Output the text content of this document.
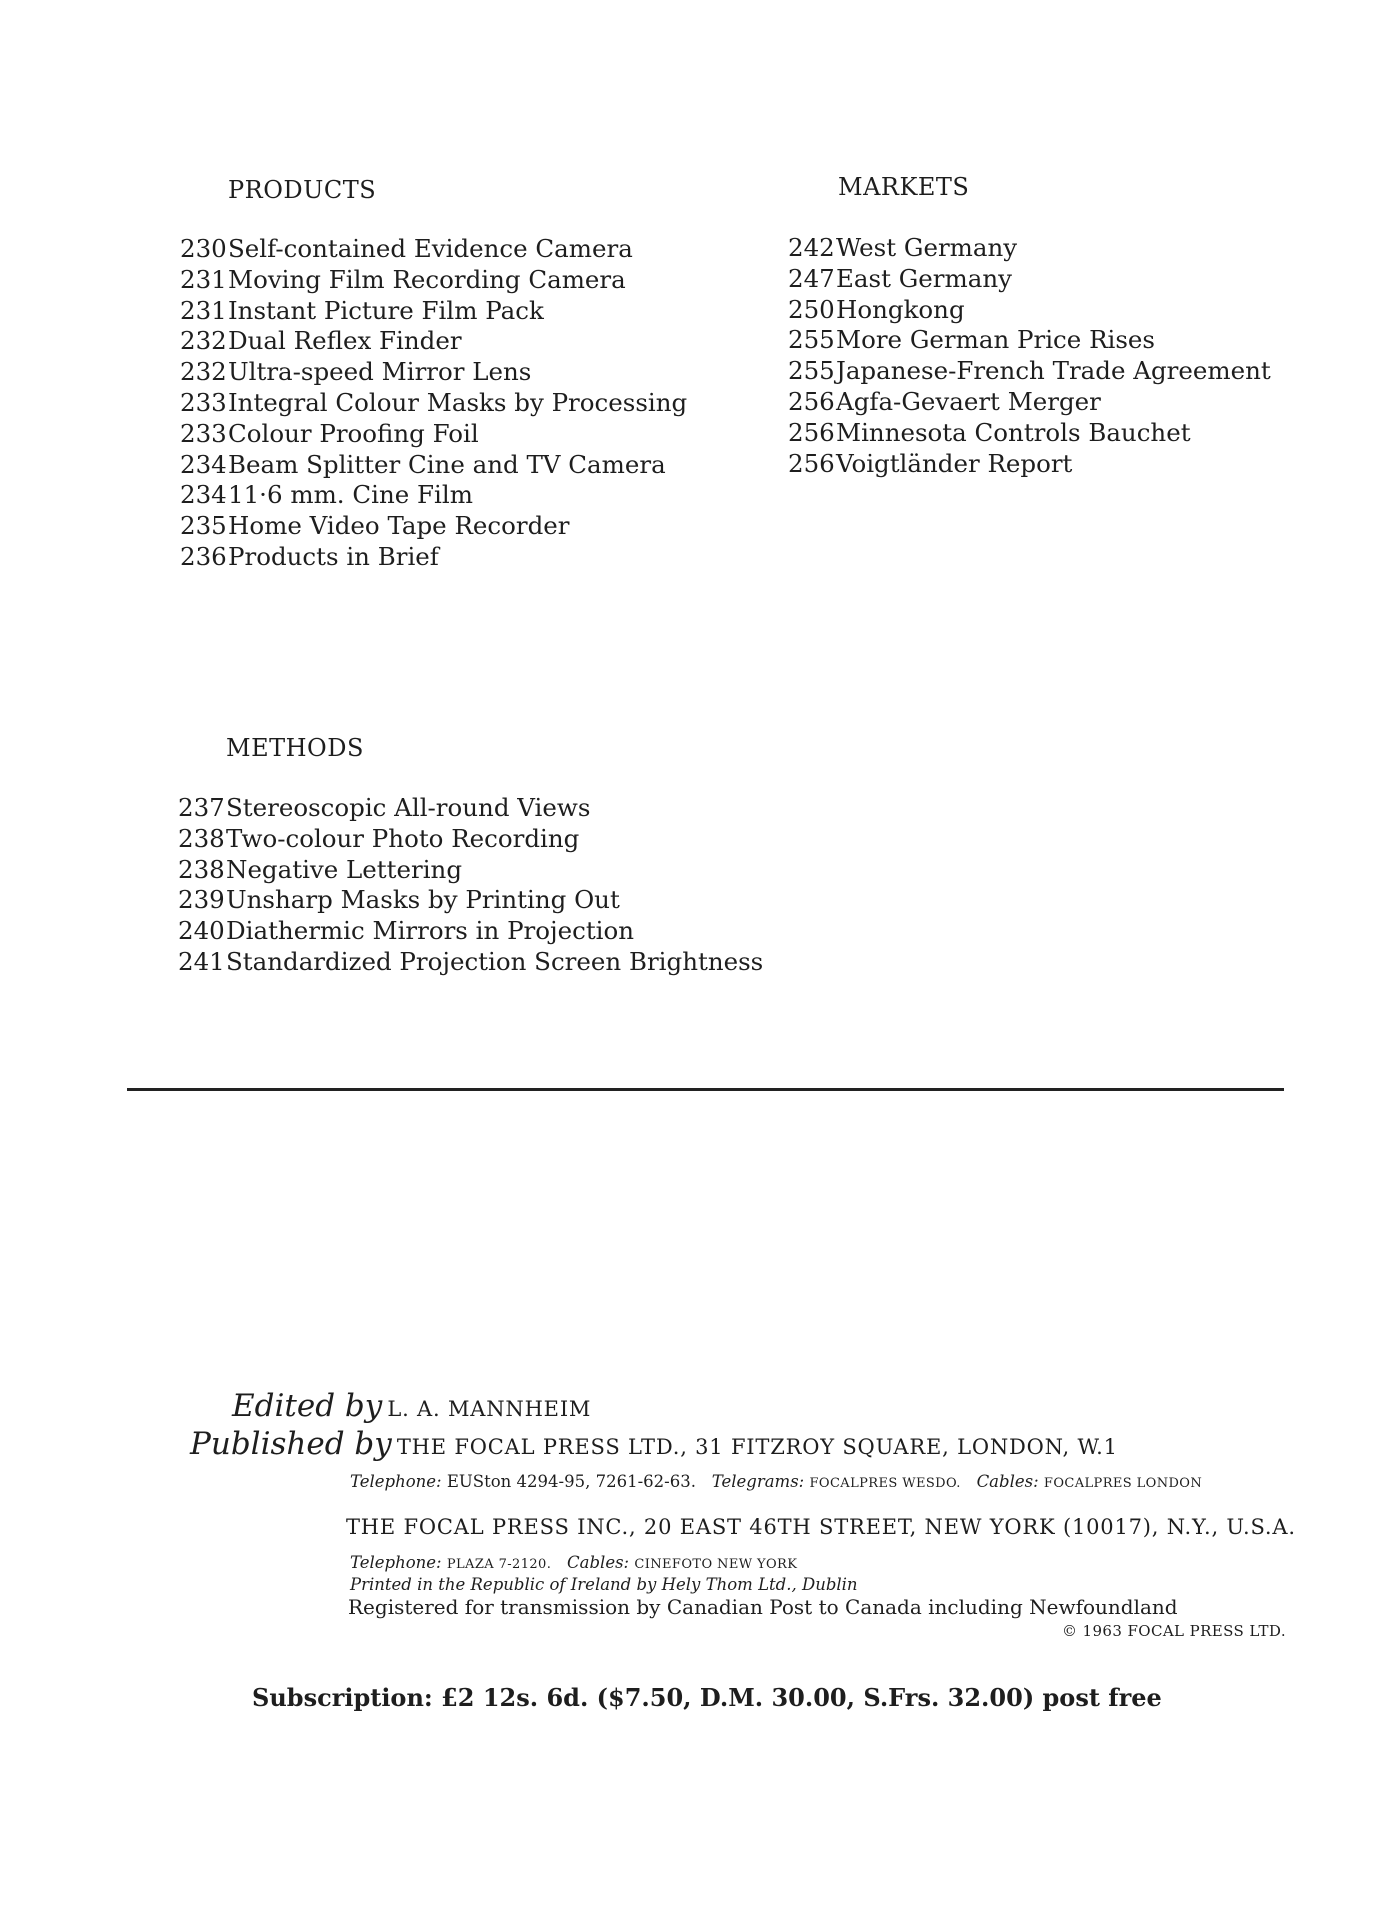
PRODUCTS
230Self-contained Evidence Camera
231Moving Film Recording Camera
231Instant Picture Film Pack
232Dual Reflex Finder
232Ultra-speed Mirror Lens
233Integral Colour Masks by Processing
233Colour Proofing Foil
234Beam Splitter Cine and TV Camera
23411·6 mm. Cine Film
235Home Video Tape Recorder
236Products in Brief
MARKETS
242West Germany
247East Germany
250Hongkong
255More German Price Rises
255Japanese-French Trade Agreement
256Agfa-Gevaert Merger
256Minnesota Controls Bauchet
256Voigtländer Report
METHODS
237Stereoscopic All-round Views
238Two-colour Photo Recording
238Negative Lettering
239Unsharp Masks by Printing Out
240Diathermic Mirrors in Projection
241Standardized Projection Screen Brightness
Edited by L. A. MANNHEIM
Published by THE FOCAL PRESS LTD., 31 FITZROY SQUARE, LONDON, W.1
Telephone: EUSton 4294-95, 7261-62-63. Telegrams: FOCALPRES WESDO. Cables: FOCALPRES LONDON
THE FOCAL PRESS INC., 20 EAST 46TH STREET, NEW YORK (10017), N.Y., U.S.A.
Telephone: PLAZA 7-2120. Cables: CINEFOTO NEW YORK
Printed in the Republic of Ireland by Hely Thom Ltd., Dublin
Registered for transmission by Canadian Post to Canada including Newfoundland
© 1963 FOCAL PRESS LTD.
Subscription: £2 12s. 6d. ($7.50, D.M. 30.00, S.Frs. 32.00) post free
